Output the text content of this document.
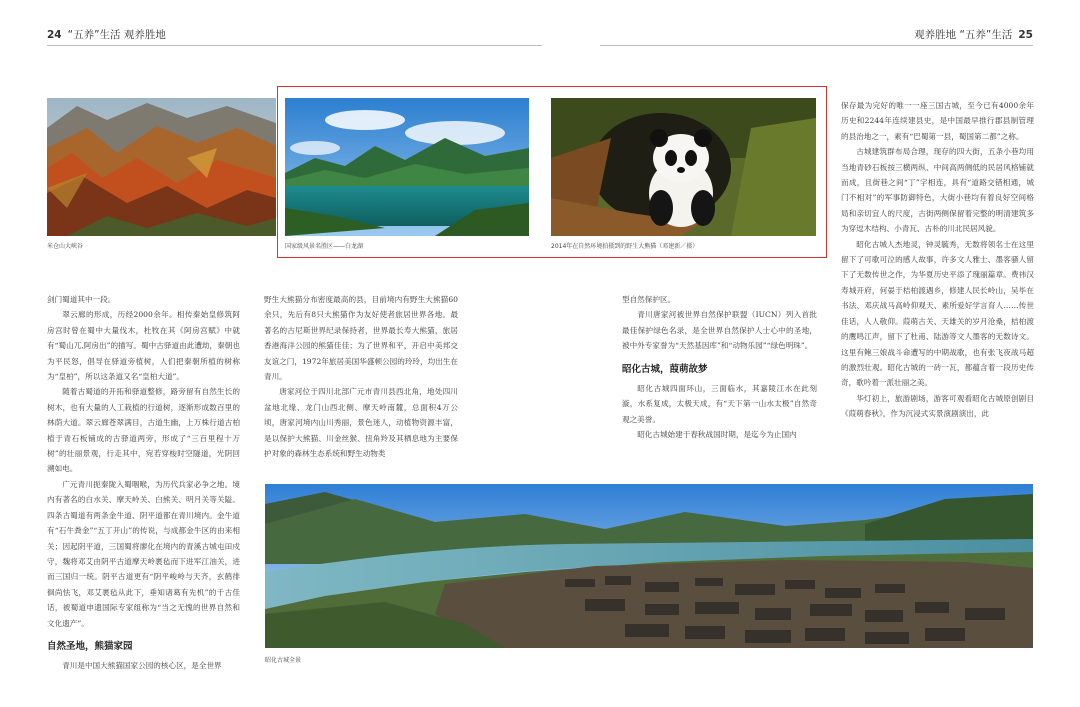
24 “五养”生活 观养胜地	观养胜地 “五养”生活 25
米仓山大峡谷	国家级风景名胜区——白龙湖	2014年在自然环境拍摄到的野生大熊猫（邓建新／摄）

剑门蜀道其中一段。

翠云廊的形成，历经2000余年。相传秦始皇修筑阿房宫时曾在蜀中大量伐木，杜牧在其《阿房宫赋》中就有“蜀山兀,阿房出”的描写。蜀中古驿道由此遭劫，秦朝也为平民怒，倡导在驿道旁植树，人们把秦朝所植的树称为“皇柏”，所以这条道又名“皇柏大道”。

随着古蜀道的开拓和驿道整修，路旁留有自然生长的树木，也有大量的人工栽植的行道树，逐渐形成数百里的林荫大道。翠云廊苍翠满目，古道生幽，上万株行道古柏植于青石板铺成的古驿道两旁，形成了“三百里程十万树”的壮丽景观，行走其中，宛若穿梭时空隧道，光阴回溯如电。

广元青川扼秦陇入蜀咽喉，为历代兵家必争之地。境内有著名的白水关、摩天岭关、白熊关、明月关等关隘。四条古蜀道有两条金牛道、阴平道都在青川境内。金牛道有“石牛粪金”“五丁开山”的传说，与成都金牛区的由来相关；因起阴平道，三国蜀将廖化在境内的青溪古城屯田戍守，魏将邓艾由阴平古道摩天岭裹毡而下进军江油关，进而三国归一统。阴平古道更有“阴平峻岭与天齐，玄鹤徘徊尚怯飞，邓艾裹毡从此下，垂知诸葛有先机”的千古佳话，被蜀道申遗国际专家组称为“当之无愧的世界自然和文化遗产”。

自然圣地，熊猫家园

青川是中国大熊猫国家公园的核心区，是全世界

野生大熊猫分布密度最高的县，目前境内有野生大熊猫60余只，先后有8只大熊猫作为友好使者旅居世界各地。最著名的古尼斯世界纪录保持者，世界最长寿大熊猫，旅居香港海洋公园的熊猫佳佳；为了世界和平，开启中美邦交友谊之门，1972年旅居美国华盛顿公园的玲玲，均出生在青川。

唐家河位于四川北部广元市青川县西北角，地处四川盆地北缘、龙门山西北侧、摩天岭南麓，总面积4万公顷，唐家河境内山川秀丽，景色迷人，动植物资源丰富，是以保护大熊猫、川金丝猴、扭角羚及其栖息地为主要保护对象的森林生态系统和野生动物类

型自然保护区。

青川唐家河被世界自然保护联盟（IUCN）列入首批最佳保护绿色名录，是全世界自然保护人士心中的圣地，被中外专家誉为“天然基因库”和“动物乐园”“绿色明珠”。

昭化古城，葭萌故梦

昭化古城四面环山，三面临水，其嘉陵江水在此刻漩，水系复成，太极天成，有“天下第一山水太极”自然奇观之美誉。

昭化古城始建于春秋战国时期，是迄今为止国内

保存最为完好的唯一一座三国古城，至今已有4000余年历史和2244年连续建县史，是中国最早推行郡县制管理的县治地之一，素有“巴蜀第一县，蜀国第二都”之称。

古城建筑群布局合理，现存的四大街，五条小巷均用当地青砂石板按三横两纵、中间高两侧低的民居风格铺就而成，且街巷之间“丁”字相连，具有“道路交错相通，城门不相对”的军事防御特色，大街小巷均有着良好空间格局和亲切宜人的尺度，古街两侧保留着完整的明清建筑多为穿逗木结构、小青瓦、古朴的川北民居风貌。

昭化古城人杰地灵，钟灵毓秀，无数将领名士在这里留下了可歌可泣的感人故事，许多文人雅士、墨客骚人留下了无数传世之作，为华夏历史平添了瑰丽篇章。费祎汉寿城开府，何晏于桔柏渡遇乡，修建人民长岭山，吴毕在书法、邓庆战马高岭仰观天、素所爱好学言育人……传世佳话，人人敬仰。葭萌古关、天雄关的岁月沧桑，桔柏渡的鹰鸣江声，留下了杜甫、陆游等文人墨客的无数诗文。这里有鲍三娘战斗命遭写的中期战歌，也有张飞夜战马超的激烈壮观。昭化古城的一砖一瓦，都蕴含着一段历史传奇，歌吟着一派壮丽之美。

华灯初上，旅游剧场，游客可观看昭化古城原创剧目《葭萌春秋》，作为沉浸式实景演剧演出，此

昭化古城全景
